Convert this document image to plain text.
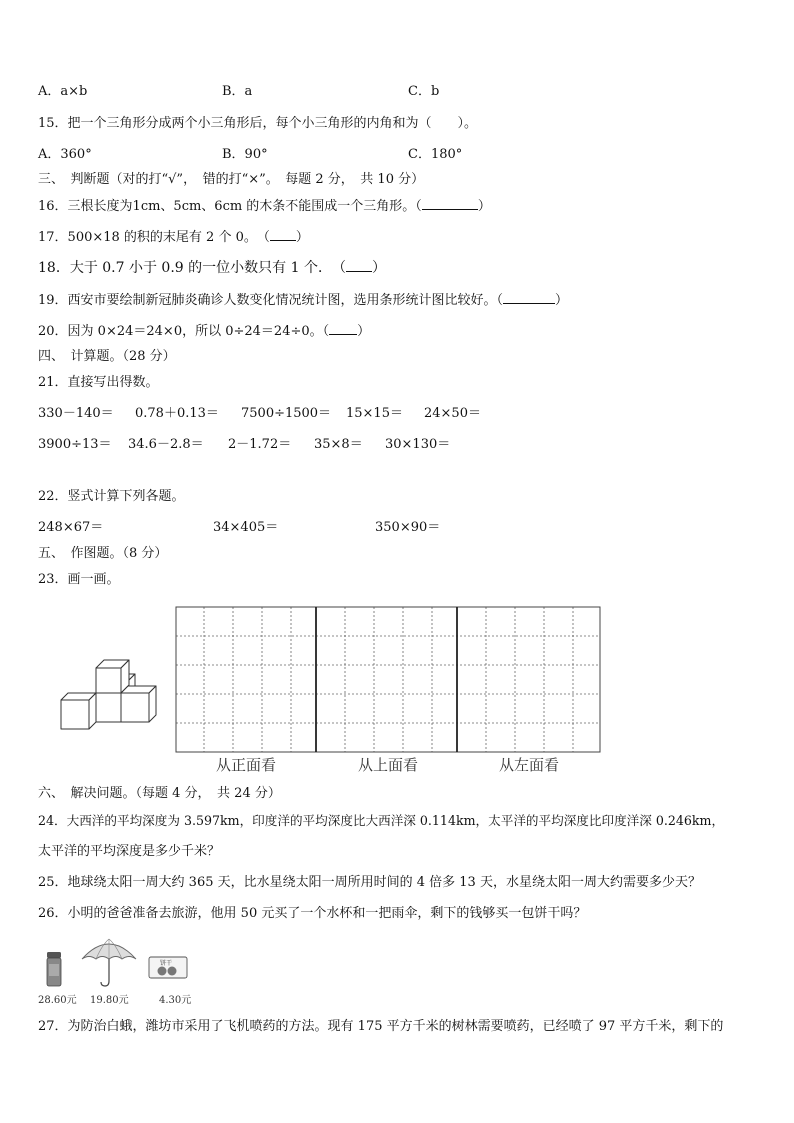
A．a×b	B．a	C．b
15．把一个三角形分成两个小三角形后，每个小三角形的内角和为（　　）。
A．360°	B．90°	C．180°
三、　判断题（对的打“√”，　错的打“×”。　每题 2 分，　共 10 分）
16．三根长度为1cm、5cm、6cm 的木条不能围成一个三角形。（	）
17．500×18 的积的末尾有 2 个 0。　（ ）
18．大于 0.7 小于 0.9 的一位小数只有 1 个．　（ ）
19．西安市要绘制新冠肺炎确诊人数变化情况统计图，选用条形统计图比较好。（	）
20．因为 0×24＝24×0，所以 0÷24＝24÷0。（ ）
四、　计算题。（28 分）
21．直接写出得数。
330－140＝ 0.78＋0.13＝ 7500÷1500＝ 15×15＝ 24×50＝
3900÷13＝ 34.6－2.8＝ 2－1.72＝ 35×8＝ 30×130＝
22．竖式计算下列各题。
248×67＝	34×405＝	350×90＝
五、　作图题。（8 分）
23．画一画。
从正面看	从上面看	从左面看
六、　解决问题。（每题 4 分，　共 24 分）
24．大西洋的平均深度为 3.597km，印度洋的平均深度比大西洋深 0.114km，太平洋的平均深度比印度洋深 0.246km，
太平洋的平均深度是多少千米？
25．地球绕太阳一周大约 365 天，比水星绕太阳一周所用时间的 4 倍多 13 天，水星绕太阳一周大约需要多少天？
26．小明的爸爸准备去旅游，他用 50 元买了一个水杯和一把雨伞，剩下的钱够买一包饼干吗？
饼干
28.60元 19.80元	4.30元
27．为防治白蛾，潍坊市采用了飞机喷药的方法。现有 175 平方千米的树林需要喷药，已经喷了 97 平方千米，剩下的
